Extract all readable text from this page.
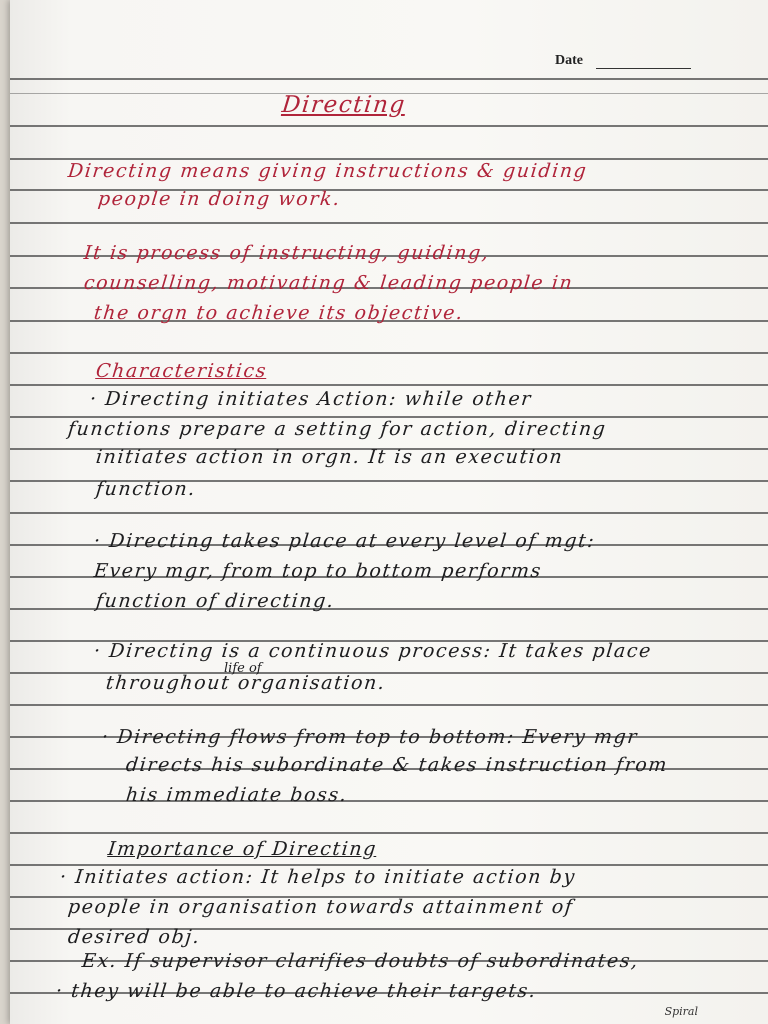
Date
Directing
Directing means giving instructions & guiding
people in doing work.
It is process of instructing, guiding,
counselling, motivating & leading people in
the orgn to achieve its objective.
Characteristics
· Directing initiates Action: while other
functions prepare a setting for action, directing
initiates action in orgn. It is an execution
function.
· Directing takes place at every level of mgt:
Every mgr, from top to bottom performs
function of directing.
· Directing is a continuous process: It takes place
life of
throughout organisation.
· Directing flows from top to bottom: Every mgr
directs his subordinate & takes instruction from
his immediate boss.
Importance of Directing
· Initiates action: It helps to initiate action by
people in organisation towards attainment of
desired obj.
Ex. If supervisor clarifies doubts of subordinates,
· they will be able to achieve their targets.
Spiral
